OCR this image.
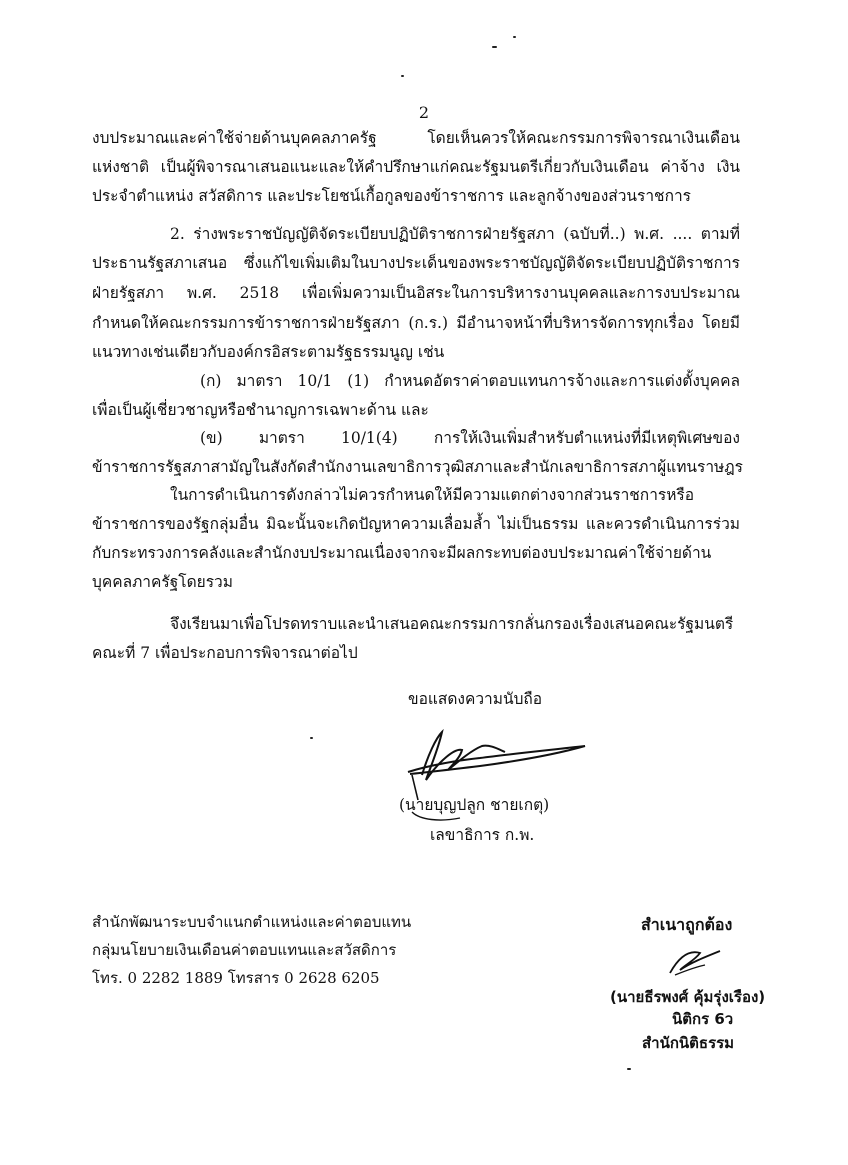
2
งบประมาณและค่าใช้จ่ายด้านบุคคลภาครัฐ โดยเห็นควรให้คณะกรรมการพิจารณาเงินเดือน
แห่งชาติ เป็นผู้พิจารณาเสนอแนะและให้คำปรึกษาแก่คณะรัฐมนตรีเกี่ยวกับเงินเดือน ค่าจ้าง เงิน
ประจำตำแหน่ง สวัสดิการ และประโยชน์เกื้อกูลของข้าราชการ และลูกจ้างของส่วนราชการ
2. ร่างพระราชบัญญัติจัดระเบียบปฏิบัติราชการฝ่ายรัฐสภา (ฉบับที่..) พ.ศ. .... ตามที่
ประธานรัฐสภาเสนอ ซึ่งแก้ไขเพิ่มเติมในบางประเด็นของพระราชบัญญัติจัดระเบียบปฏิบัติราชการ
ฝ่ายรัฐสภา พ.ศ. 2518 เพื่อเพิ่มความเป็นอิสระในการบริหารงานบุคคลและการงบประมาณ
กำหนดให้คณะกรรมการข้าราชการฝ่ายรัฐสภา (ก.ร.) มีอำนาจหน้าที่บริหารจัดการทุกเรื่อง โดยมี
แนวทางเช่นเดียวกับองค์กรอิสระตามรัฐธรรมนูญ เช่น
(ก) มาตรา 10/1 (1) กำหนดอัตราค่าตอบแทนการจ้างและการแต่งตั้งบุคคล
เพื่อเป็นผู้เชี่ยวชาญหรือชำนาญการเฉพาะด้าน และ
(ข) มาตรา 10/1(4) การให้เงินเพิ่มสำหรับตำแหน่งที่มีเหตุพิเศษของ
ข้าราชการรัฐสภาสามัญในสังกัดสำนักงานเลขาธิการวุฒิสภาและสำนักเลขาธิการสภาผู้แทนราษฎร
ในการดำเนินการดังกล่าวไม่ควรกำหนดให้มีความแตกต่างจากส่วนราชการหรือ
ข้าราชการของรัฐกลุ่มอื่น มิฉะนั้นจะเกิดปัญหาความเลื่อมล้ำ ไม่เป็นธรรม และควรดำเนินการร่วม
กับกระทรวงการคลังและสำนักงบประมาณเนื่องจากจะมีผลกระทบต่องบประมาณค่าใช้จ่ายด้าน
บุคคลภาครัฐโดยรวม
จึงเรียนมาเพื่อโปรดทราบและนำเสนอคณะกรรมการกลั่นกรองเรื่องเสนอคณะรัฐมนตรี
คณะที่ 7 เพื่อประกอบการพิจารณาต่อไป
ขอแสดงความนับถือ
(นายบุญปลูก ชายเกตุ)
เลขาธิการ ก.พ.
สำนักพัฒนาระบบจำแนกตำแหน่งและค่าตอบแทน
กลุ่มนโยบายเงินเดือนค่าตอบแทนและสวัสดิการ
โทร. 0 2282 1889 โทรสาร 0 2628 6205
สำเนาถูกต้อง
(นายธีรพงศ์ คุ้มรุ่งเรือง)
นิติกร 6ว
สำนักนิติธรรม
